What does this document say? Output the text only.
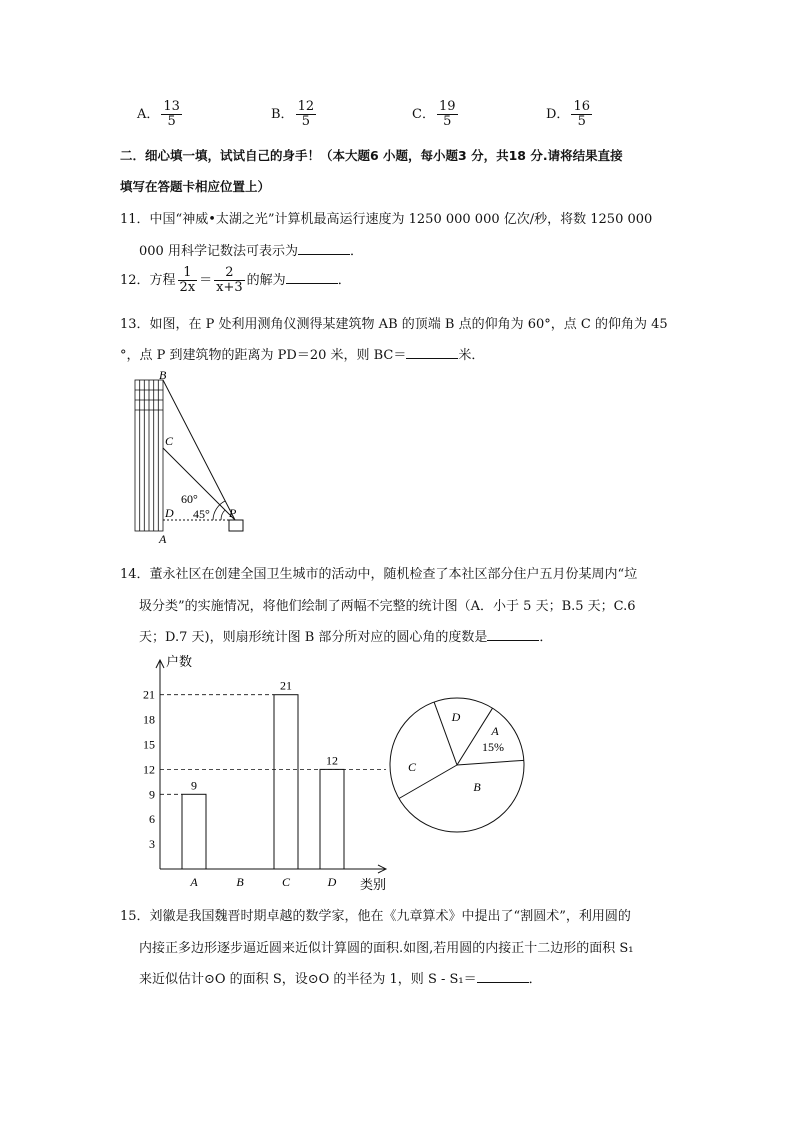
A． $\frac{13}{5}$	B． $\frac{12}{5}$	C． $\frac{19}{5}$	D． $\frac{16}{5}$
二．细心填一填，试试自己的身手！（本大题6 小题，每小题3 分，共18 分.请将结果直接
填写在答题卡相应位置上）
11．中国“神威•太湖之光”计算机最高运行速度为 1250 000 000 亿次/秒，将数 1250 000
000 用科学记数法可表示为	．
12．方程 $\frac{1}{2x} = \frac{2}{x+3}$ 的解为	．
13．如图，在 P 处利用测角仪测得某建筑物 AB 的顶端 B 点的仰角为 60°，点 C 的仰角为 45
°，点 P 到建筑物的距离为 PD＝20 米，则 BC＝	米．
B
C
D
A
P
60°
45°
14．董永社区在创建全国卫生城市的活动中，随机检查了本社区部分住户五月份某周内“垃
圾分类”的实施情况，将他们绘制了两幅不完整的统计图（A．小于 5 天；B.5 天；C.6
天；D.7 天)，则扇形统计图 B 部分所对应的圆心角的度数是	．
3
6
9
12
15
18
21
9
A	B
21
C
12
D
户数
类别
A
15%
B
C
D
15．刘徽是我国魏晋时期卓越的数学家，他在《九章算术》中提出了“割圆术”，利用圆的
内接正多边形逐步逼近圆来近似计算圆的面积.如图,若用圆的内接正十二边形的面积 S₁
来近似估计⊙O 的面积 S，设⊙O 的半径为 1，则 S - S₁＝	．
